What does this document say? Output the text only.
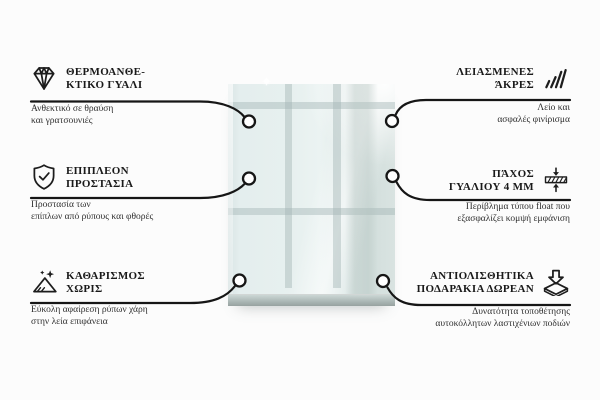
✦
ΘΕΡΜΟΑΝΘΕ-
ΚΤΙΚΟ ΓΥΑΛΙ
Ανθεκτικό σε θραύση
και γρατσουνιές
ΕΠΙΠΛΕΟΝ
ΠΡΟΣΤΑΣΙΑ
Προστασία των
επίπλων από ρύπους και φθορές
ΚΑΘΑΡΙΣΜΟΣ
ΧΩΡΙΣ
Εύκολη αφαίρεση ρύπων χάρη
στην λεία επιφάνεια
ΛΕΙΑΣΜΕΝΕΣ
ΆΚΡΕΣ
Λείο και
ασφαλές φινίρισμα
ΠΆΧΟΣ
ΓΥΑΛΙΟΥ 4 ΜΜ
Περίβλημα τύπου float που
εξασφαλίζει κομψή εμφάνιση
ΑΝΤΙΟΛΙΣΘΗΤΙΚΑ
ΠΟΔΑΡΑΚΙΑ ΔΩΡΕΑΝ
Δυνατότητα τοποθέτησης
αυτοκόλλητων λαστιχένιων ποδιών
